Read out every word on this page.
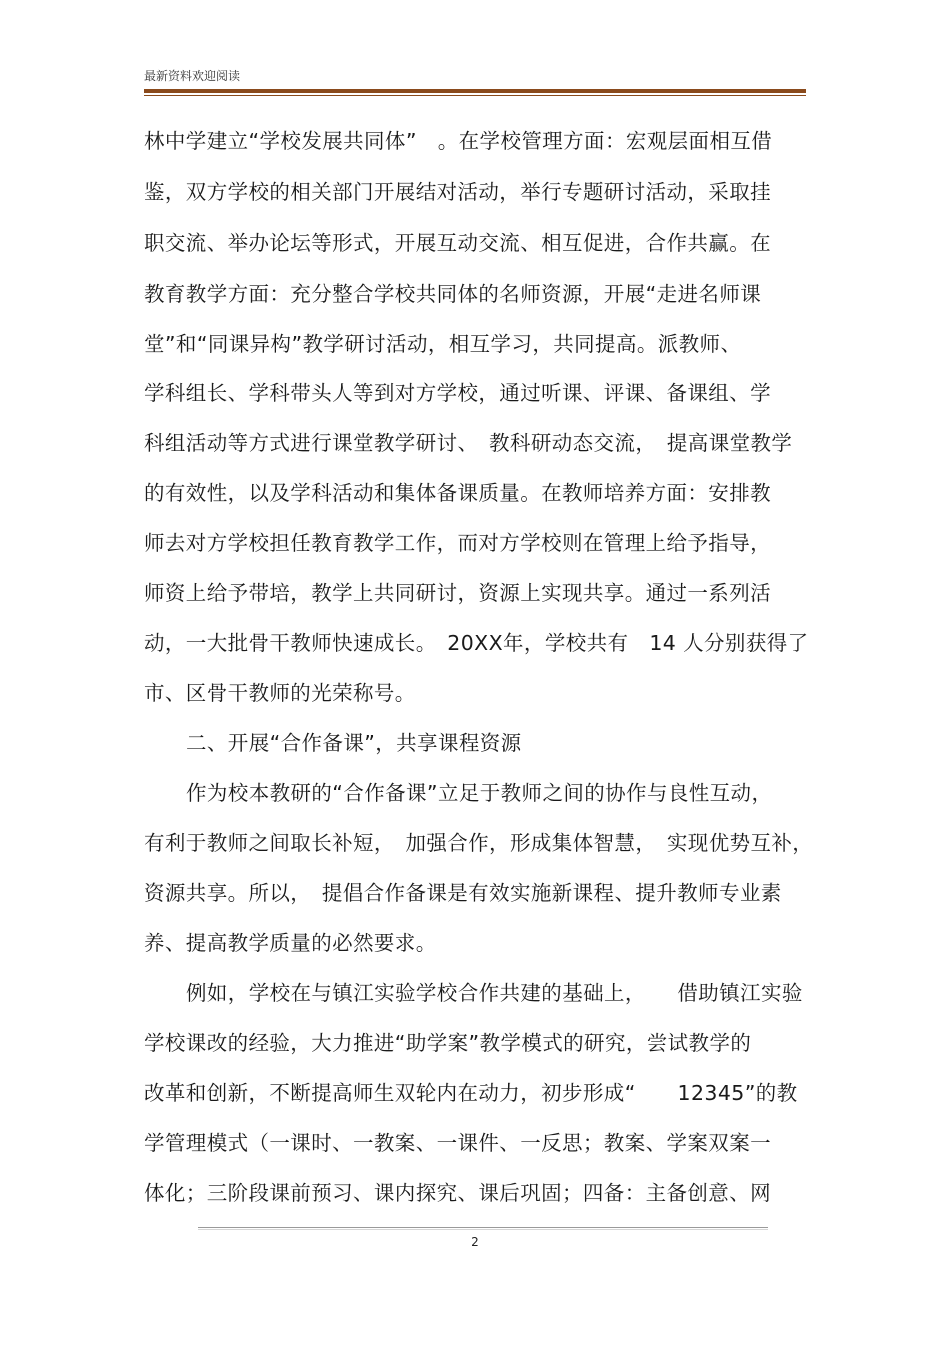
最新资料欢迎阅读
林中学建立“学校发展共同体”　。在学校管理方面：宏观层面相互借
鉴，双方学校的相关部门开展结对活动，举行专题研讨活动，采取挂
职交流、举办论坛等形式，开展互动交流、相互促进，合作共赢。在
教育教学方面：充分整合学校共同体的名师资源，开展“走进名师课
堂”和“同课异构”教学研讨活动，相互学习，共同提高。派教师、
学科组长、学科带头人等到对方学校，通过听课、评课、备课组、学
科组活动等方式进行课堂教学研讨、　教科研动态交流，　提高课堂教学
的有效性，以及学科活动和集体备课质量。在教师培养方面：安排教
师去对方学校担任教育教学工作，而对方学校则在管理上给予指导，
师资上给予带培，教学上共同研讨，资源上实现共享。通过一系列活
动，一大批骨干教师快速成长。　20XX年，学校共有　14 人分别获得了
市、区骨干教师的光荣称号。
二、开展“合作备课”，共享课程资源
作为校本教研的“合作备课”立足于教师之间的协作与良性互动，
有利于教师之间取长补短，　加强合作，形成集体智慧，　实现优势互补，
资源共享。所以，　提倡合作备课是有效实施新课程、提升教师专业素
养、提高教学质量的必然要求。
例如，学校在与镇江实验学校合作共建的基础上，　　借助镇江实验
学校课改的经验，大力推进“助学案”教学模式的研究，尝试教学的
改革和创新，不断提高师生双轮内在动力，初步形成“　　12345”的教
学管理模式（一课时、一教案、一课件、一反思；教案、学案双案一
体化；三阶段课前预习、课内探究、课后巩固；四备：主备创意、网
2
